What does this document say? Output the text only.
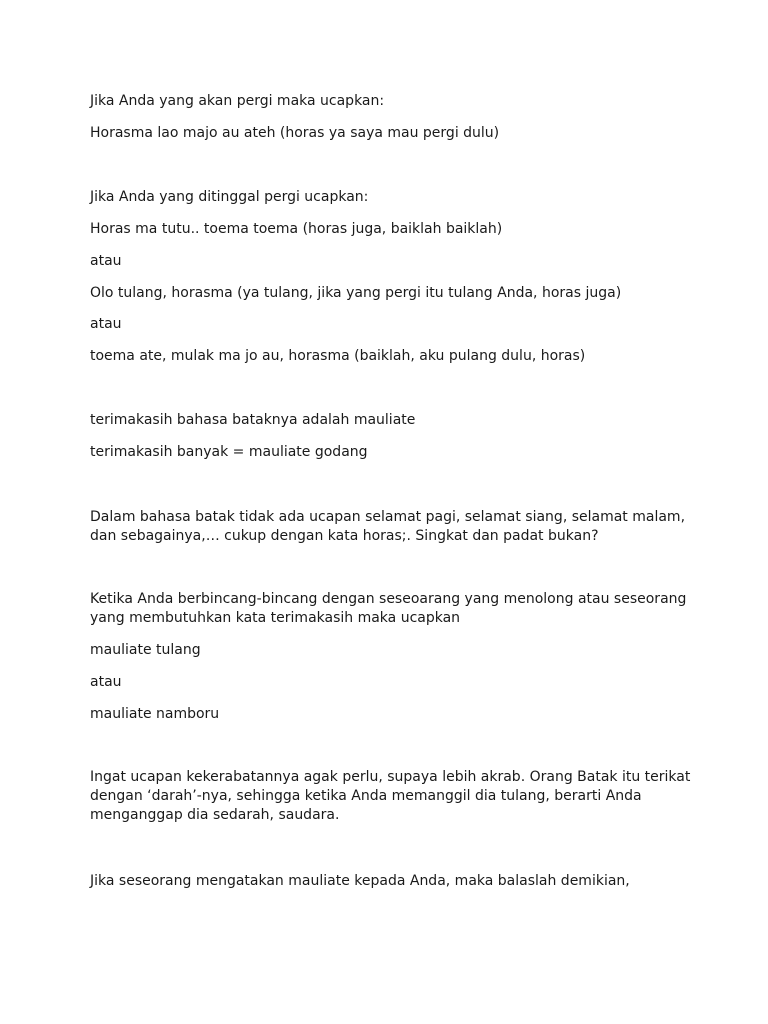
Jika Anda yang akan pergi maka ucapkan:

Horasma lao majo au ateh (horas ya saya mau pergi dulu)

Jika Anda yang ditinggal pergi ucapkan:

Horas ma tutu.. toema toema (horas juga, baiklah baiklah)

atau

Olo tulang, horasma (ya tulang, jika yang pergi itu tulang Anda, horas juga)

atau

toema ate, mulak ma jo au, horasma (baiklah, aku pulang dulu, horas)

terimakasih bahasa bataknya adalah mauliate

terimakasih banyak = mauliate godang

Dalam bahasa batak tidak ada ucapan selamat pagi, selamat siang, selamat malam, dan sebagainya,… cukup dengan kata horas;. Singkat dan padat bukan?

Ketika Anda berbincang-bincang dengan seseoarang yang menolong atau seseorang yang membutuhkan kata terimakasih maka ucapkan

mauliate tulang

atau

mauliate namboru

Ingat ucapan kekerabatannya agak perlu, supaya lebih akrab. Orang Batak itu terikat dengan ‘darah’-nya, sehingga ketika Anda memanggil dia tulang, berarti Anda menganggap dia sedarah, saudara.

Jika seseorang mengatakan mauliate kepada Anda, maka balaslah demikian,
